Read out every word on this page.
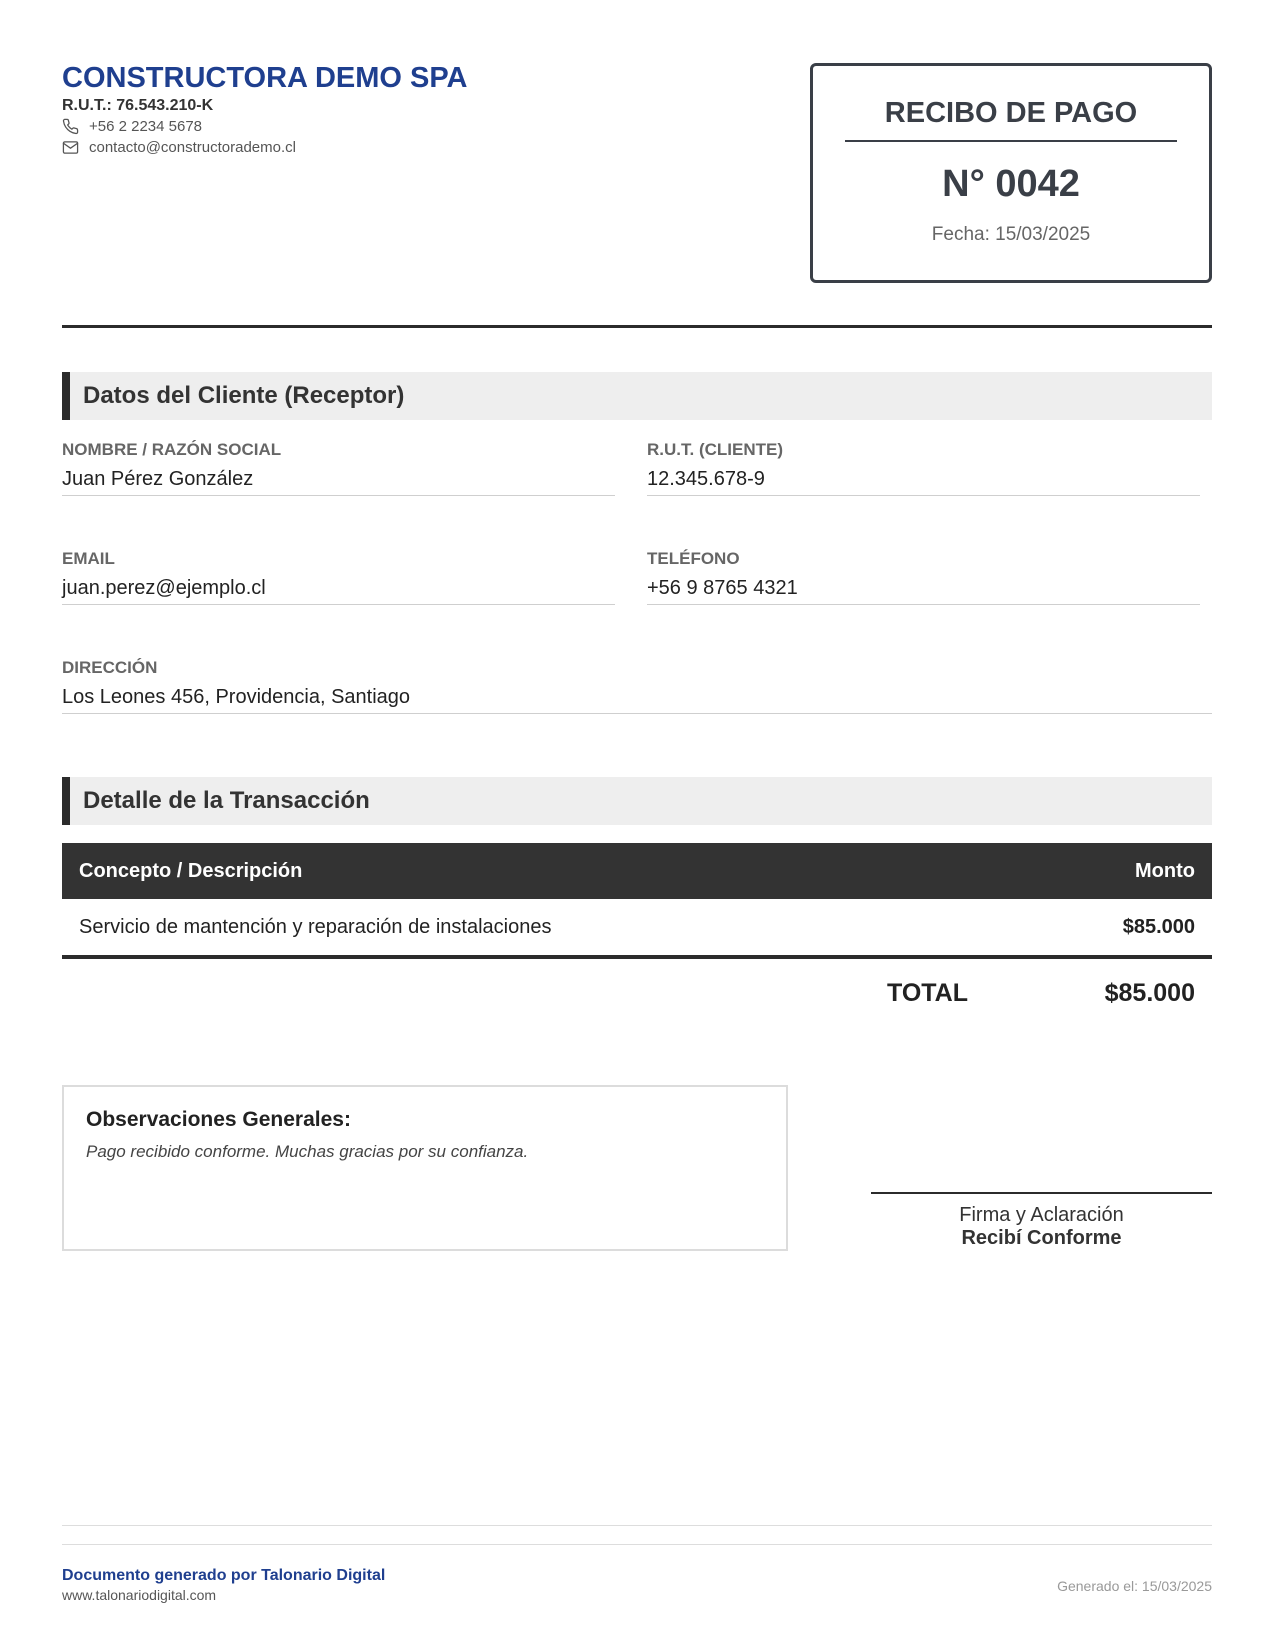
CONSTRUCTORA DEMO SPA
R.U.T.: 76.543.210-K
+56 2 2234 5678
contacto@constructorademo.cl
RECIBO DE PAGO
N° 0042
Fecha: 15/03/2025
Datos del Cliente (Receptor)
NOMBRE / RAZÓN SOCIAL
Juan Pérez González
R.U.T. (CLIENTE)
12.345.678-9
EMAIL
juan.perez@ejemplo.cl
TELÉFONO
+56 9 8765 4321
DIRECCIÓN
Los Leones 456, Providencia, Santiago
Detalle de la Transacción
Concepto / Descripción	Monto
Servicio de mantención y reparación de instalaciones	$85.000
TOTAL	$85.000
Observaciones Generales:
Pago recibido conforme. Muchas gracias por su confianza.
Firma y Aclaración
Recibí Conforme
Documento generado por Talonario Digital
www.talonariodigital.com
Generado el: 15/03/2025
